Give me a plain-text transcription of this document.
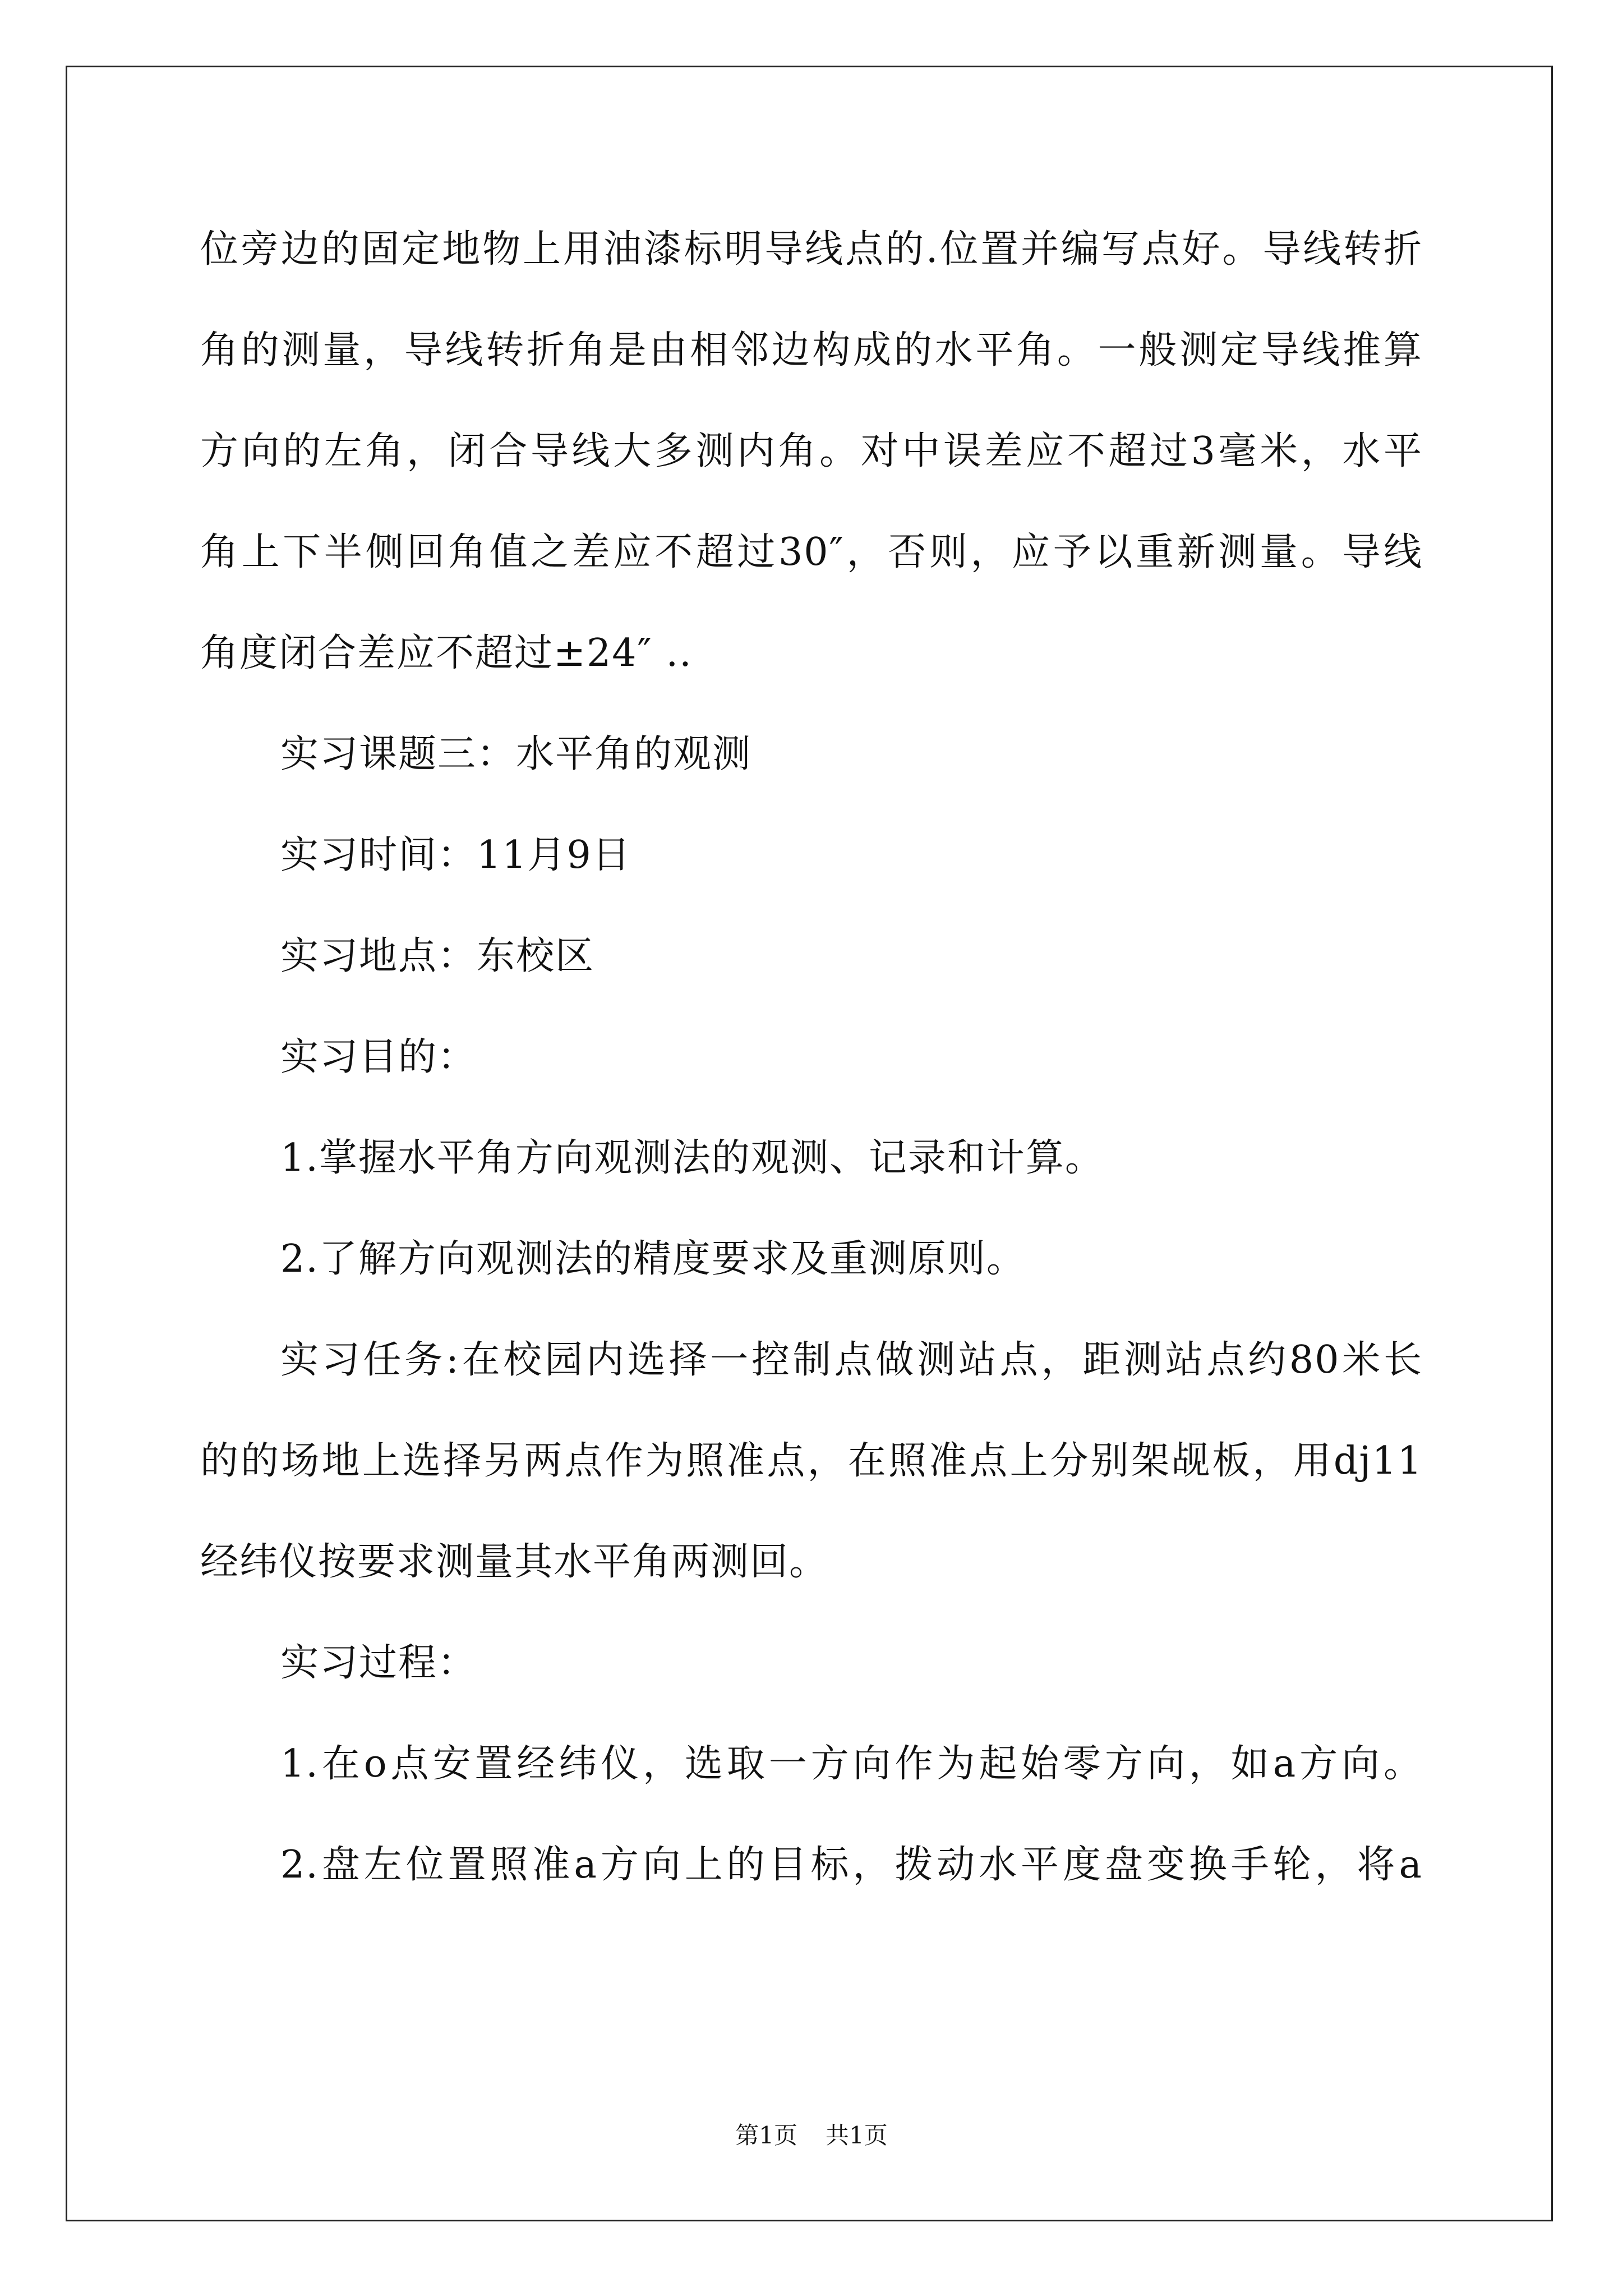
位旁边的固定地物上用油漆标明导线点的.位置并编写点好。导线转折
角的测量，导线转折角是由相邻边构成的水平角。一般测定导线推算
方向的左角，闭合导线大多测内角。对中误差应不超过3毫米，水平
角上下半侧回角值之差应不超过30″，否则，应予以重新测量。导线
角度闭合差应不超过±24″ ..
实习课题三：水平角的观测
实习时间：11月9日
实习地点：东校区
实习目的：
1.掌握水平角方向观测法的观测、记录和计算。
2.了解方向观测法的精度要求及重测原则。
实习任务:在校园内选择一控制点做测站点，距测站点约80米长
的的场地上选择另两点作为照准点，在照准点上分别架觇板，用dj11
经纬仪按要求测量其水平角两测回。
实习过程：
1.在o点安置经纬仪，选取一方向作为起始零方向，如a方向。
2.盘左位置照准a方向上的目标，拨动水平度盘变换手轮，将a
第1页 共1页
